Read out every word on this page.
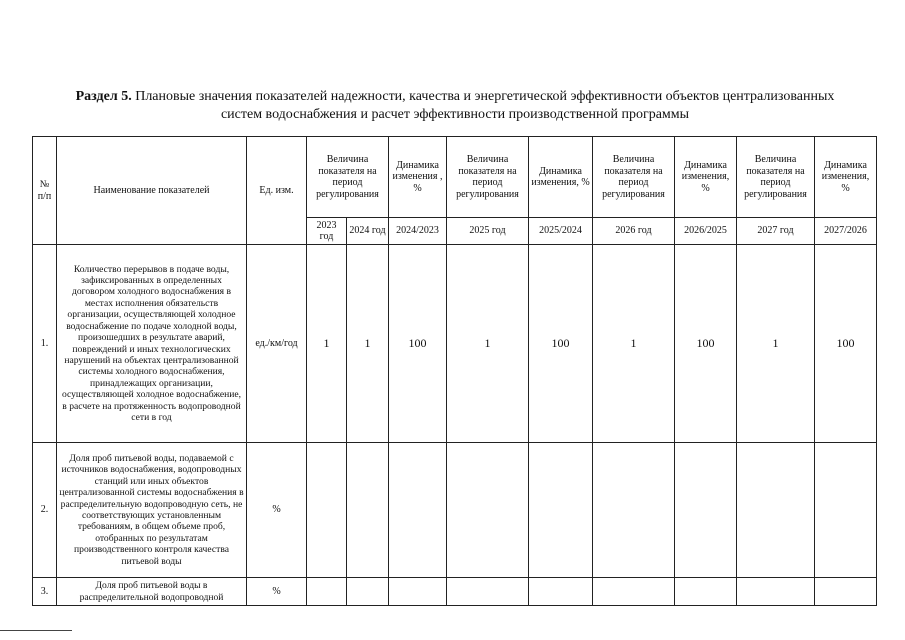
Раздел 5. Плановые значения показателей надежности, качества и энергетической эффективности объектов централизованных систем водоснабжения и расчет эффективности производственной программы
№ п/п	Наименование показателей	Ед. изм.	Величина показателя на период регулирования		Динамика изменения , %	Величина показателя на период регулирования	Динамика изменения, %	Величина показателя на период регулирования	Динамика изменения, %	Величина показателя на период регулирования	Динамика изменения, %
			2023 год	2024 год	2024/2023	2025 год	2025/2024	2026 год	2026/2025	2027 год	2027/2026
1.	Количество перерывов в подаче воды, зафиксированных в определенных договором холодного водоснабжения в местах исполнения обязательств организации, осуществляющей холодное водоснабжение по подаче холодной воды, произошедших в результате аварий, повреждений и иных технологических нарушений на объектах централизованной системы холодного водоснабжения, принадлежащих организации, осуществляющей холодное водоснабжение, в расчете на протяженность водопроводной сети в год	ед./км/год	1	1	100	1	100	1	100	1	100
2.	Доля проб питьевой воды, подаваемой с источников водоснабжения, водопроводных станций или иных объектов централизованной системы водоснабжения в распределительную водопроводную сеть, не соответствующих установленным требованиям, в общем объеме проб, отобранных по результатам производственного контроля качества питьевой воды	%									
3.	Доля проб питьевой воды в распределительной водопроводной	%									
